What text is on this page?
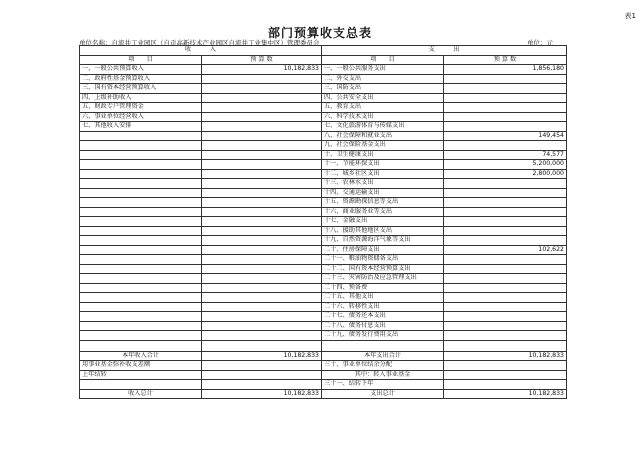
表1
部门预算收支总表
单位名称：自流井工业园区（自贡高新技术产业园区自流井工业集中区）管理委员会	单位：元
收　　　入		支　　　出	
项　　目	预 算 数	项　　目	预 算 数
一、一般公共预算收入	10,182,833	一、一般公共服务支出	1,856,180
二、政府性基金预算收入		二、外交支出	
三、国有资本经营预算收入		三、国防支出	
四、上级补助收入		四、公共安全支出	
五、财政专户管理资金		五、教育支出	
六、事业单位经营收入		六、科学技术支出	
七、其他收入安排		七、文化旅游体育与传媒支出	
		八、社会保障和就业支出	149,454
		九、社会保险基金支出	
		十、卫生健康支出	74,577
		十一、节能环保支出	5,200,000
		十二、城乡社区支出	2,800,000
		十三、农林水支出	
		十四、交通运输支出	
		十五、资源勘探信息等支出	
		十六、商业服务业等支出	
		十七、金融支出	
		十八、援助其他地区支出	
		十九、自然资源海洋气象等支出	
		二十、住房保障支出	102,622
		二十一、粮油物资储备支出	
		二十二、国有资本经营预算支出	
		二十三、灾害防治及应急管理支出	
		二十四、预备费	
		二十五、其他支出	
		二十六、转移性支出	
		二十七、债务还本支出	
		二十八、债务付息支出	
		二十九、债务发行费用支出	

本年收入合计	10,182,833	本年支出合计	10,182,833
用事业基金弥补收支差额		三十、事业单位结余分配	
上年结转		其中：转入事业基金	
		三十一、结转下年	
收入总计	10,182,833	支出总计	10,182,833
